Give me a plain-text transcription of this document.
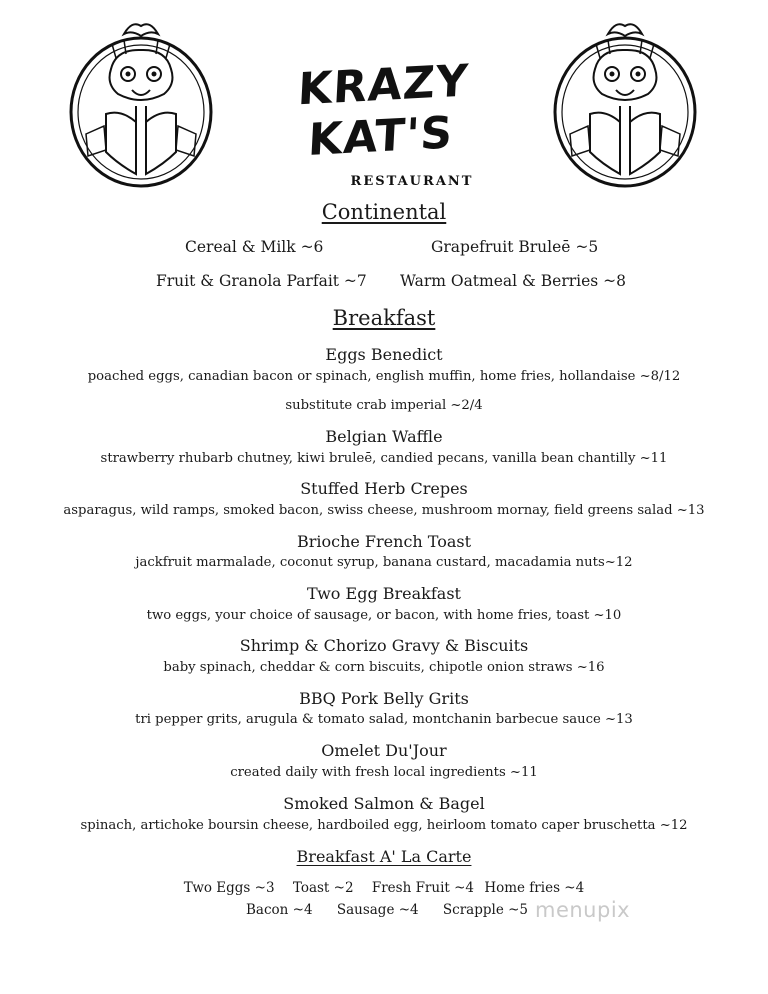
KRAZY KAT'S
RESTAURANT
Continental
Cereal & Milk ~6	Grapefruit Bruleē ~5
Fruit & Granola Parfait ~7 Warm Oatmeal & Berries ~8
Breakfast
Eggs Benedict
poached eggs, canadian bacon or spinach, english muffin, home fries, hollandaise ~8/12
substitute crab imperial ~2/4
Belgian Waffle
strawberry rhubarb chutney, kiwi bruleē, candied pecans, vanilla bean chantilly ~11
Stuffed Herb Crepes
asparagus, wild ramps, smoked bacon, swiss cheese, mushroom mornay, field greens salad ~13
Brioche French Toast
jackfruit marmalade, coconut syrup, banana custard, macadamia nuts~12
Two Egg Breakfast
two eggs, your choice of sausage, or bacon, with home fries, toast ~10
Shrimp & Chorizo Gravy & Biscuits
baby spinach, cheddar & corn biscuits, chipotle onion straws ~16
BBQ Pork Belly Grits
tri pepper grits, arugula & tomato salad, montchanin barbecue sauce ~13
Omelet Du'Jour
created daily with fresh local ingredients ~11
Smoked Salmon & Bagel
spinach, artichoke boursin cheese, hardboiled egg, heirloom tomato caper bruschetta ~12
Breakfast A' La Carte
Two Eggs ~3 Toast ~2 Fresh Fruit ~4 Home fries ~4
Bacon ~4 Sausage ~4 Scrapple ~5 menupix
